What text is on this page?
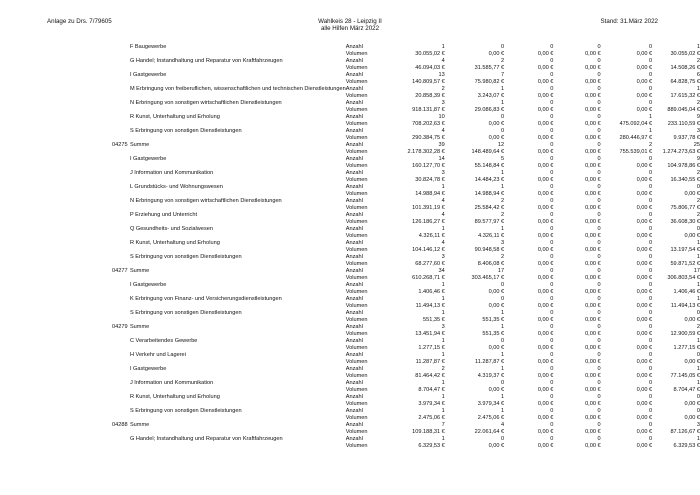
Anlage zu Drs. 7/79605	Wahlkeis 28 - Leipzig II
alle Hilfen März 2022
Stand: 31.März 2022
	F Baugewerbe	Anzahl	1	0	0	0	0	1
		Volumen	30.055,02 €	0,00 €	0,00 €	0,00 €	0,00 €	30.055,02 €
	G Handel; Instandhaltung und Reparatur von Kraftfahrzeugen	Anzahl	4	2	0	0	0	2
		Volumen	46.094,03 €	31.585,77 €	0,00 €	0,00 €	0,00 €	14.508,26 €
	I Gastgewerbe	Anzahl	13	7	0	0	0	6
		Volumen	140.809,57 €	75.980,82 €	0,00 €	0,00 €	0,00 €	64.828,75 €
	M Erbringung von freiberuflichen, wissenschaftlichen und technischen Dienstleistungen	Anzahl	2	1	0	0	0	1
		Volumen	20.858,39 €	3.243,07 €	0,00 €	0,00 €	0,00 €	17.615,32 €
	N Erbringung von sonstigen wirtschaftlichen Dienstleistungen	Anzahl	3	1	0	0	0	2
		Volumen	918.131,87 €	29.086,83 €	0,00 €	0,00 €	0,00 €	889.045,04 €
	R Kunst, Unterhaltung und Erholung	Anzahl	10	0	0	0	1	9
		Volumen	708.202,63 €	0,00 €	0,00 €	0,00 €	475.092,04 €	233.110,59 €
	S Erbringung von sonstigen Dienstleistungen	Anzahl	4	0	0	0	1	3
		Volumen	290.384,75 €	0,00 €	0,00 €	0,00 €	280.446,97 €	9.937,78 €
04275	Summe	Anzahl	39	12	0	0	2	25
		Volumen	2.178.302,28 €	148.489,64 €	0,00 €	0,00 €	755.539,01 €	1.274.273,63 €
	I Gastgewerbe	Anzahl	14	5	0	0	0	9
		Volumen	160.127,70 €	55.148,84 €	0,00 €	0,00 €	0,00 €	104.978,86 €
	J Information und Kommunikation	Anzahl	3	1	0	0	0	2
		Volumen	30.824,78 €	14.484,23 €	0,00 €	0,00 €	0,00 €	16.340,55 €
	L Grundstücks- und Wohnungswesen	Anzahl	1	1	0	0	0	0
		Volumen	14.988,94 €	14.988,94 €	0,00 €	0,00 €	0,00 €	0,00 €
	N Erbringung von sonstigen wirtschaftlichen Dienstleistungen	Anzahl	4	2	0	0	0	2
		Volumen	101.391,19 €	25.584,42 €	0,00 €	0,00 €	0,00 €	75.806,77 €
	P Erziehung und Unterricht	Anzahl	4	2	0	0	0	2
		Volumen	126.186,27 €	89.577,97 €	0,00 €	0,00 €	0,00 €	36.608,30 €
	Q Gesundheits- und Sozialwesen	Anzahl	1	1	0	0	0	0
		Volumen	4.326,11 €	4.326,11 €	0,00 €	0,00 €	0,00 €	0,00 €
	R Kunst, Unterhaltung und Erholung	Anzahl	4	3	0	0	0	1
		Volumen	104.146,12 €	90.948,58 €	0,00 €	0,00 €	0,00 €	13.197,54 €
	S Erbringung von sonstigen Dienstleistungen	Anzahl	3	2	0	0	0	1
		Volumen	68.277,60 €	8.406,08 €	0,00 €	0,00 €	0,00 €	59.871,52 €
04277	Summe	Anzahl	34	17	0	0	0	17
		Volumen	610.268,71 €	303.465,17 €	0,00 €	0,00 €	0,00 €	306.803,54 €
	I Gastgewerbe	Anzahl	1	0	0	0	0	1
		Volumen	1.406,46 €	0,00 €	0,00 €	0,00 €	0,00 €	1.406,46 €
	K Erbringung von Finanz- und Versicherungsdienstleistungen	Anzahl	1	0	0	0	0	1
		Volumen	11.494,13 €	0,00 €	0,00 €	0,00 €	0,00 €	11.494,13 €
	S Erbringung von sonstigen Dienstleistungen	Anzahl	1	1	0	0	0	0
		Volumen	551,35 €	551,35 €	0,00 €	0,00 €	0,00 €	0,00 €
04279	Summe	Anzahl	3	1	0	0	0	2
		Volumen	13.451,94 €	551,35 €	0,00 €	0,00 €	0,00 €	12.900,59 €
	C Verarbeitendes Gewerbe	Anzahl	1	0	0	0	0	1
		Volumen	1.277,15 €	0,00 €	0,00 €	0,00 €	0,00 €	1.277,15 €
	H Verkehr und Lagerei	Anzahl	1	1	0	0	0	0
		Volumen	11.287,87 €	11.287,87 €	0,00 €	0,00 €	0,00 €	0,00 €
	I Gastgewerbe	Anzahl	2	1	0	0	0	1
		Volumen	81.464,42 €	4.319,37 €	0,00 €	0,00 €	0,00 €	77.145,05 €
	J Information und Kommunikation	Anzahl	1	0	0	0	0	1
		Volumen	8.704,47 €	0,00 €	0,00 €	0,00 €	0,00 €	8.704,47 €
	R Kunst, Unterhaltung und Erholung	Anzahl	1	1	0	0	0	0
		Volumen	3.979,34 €	3.979,34 €	0,00 €	0,00 €	0,00 €	0,00 €
	S Erbringung von sonstigen Dienstleistungen	Anzahl	1	1	0	0	0	0
		Volumen	2.475,06 €	2.475,06 €	0,00 €	0,00 €	0,00 €	0,00 €
04288	Summe	Anzahl	7	4	0	0	0	3
		Volumen	109.188,31 €	22.061,64 €	0,00 €	0,00 €	0,00 €	87.126,67 €
	G Handel; Instandhaltung und Reparatur von Kraftfahrzeugen	Anzahl	1	0	0	0	0	1
		Volumen	6.329,53 €	0,00 €	0,00 €	0,00 €	0,00 €	6.329,53 €
